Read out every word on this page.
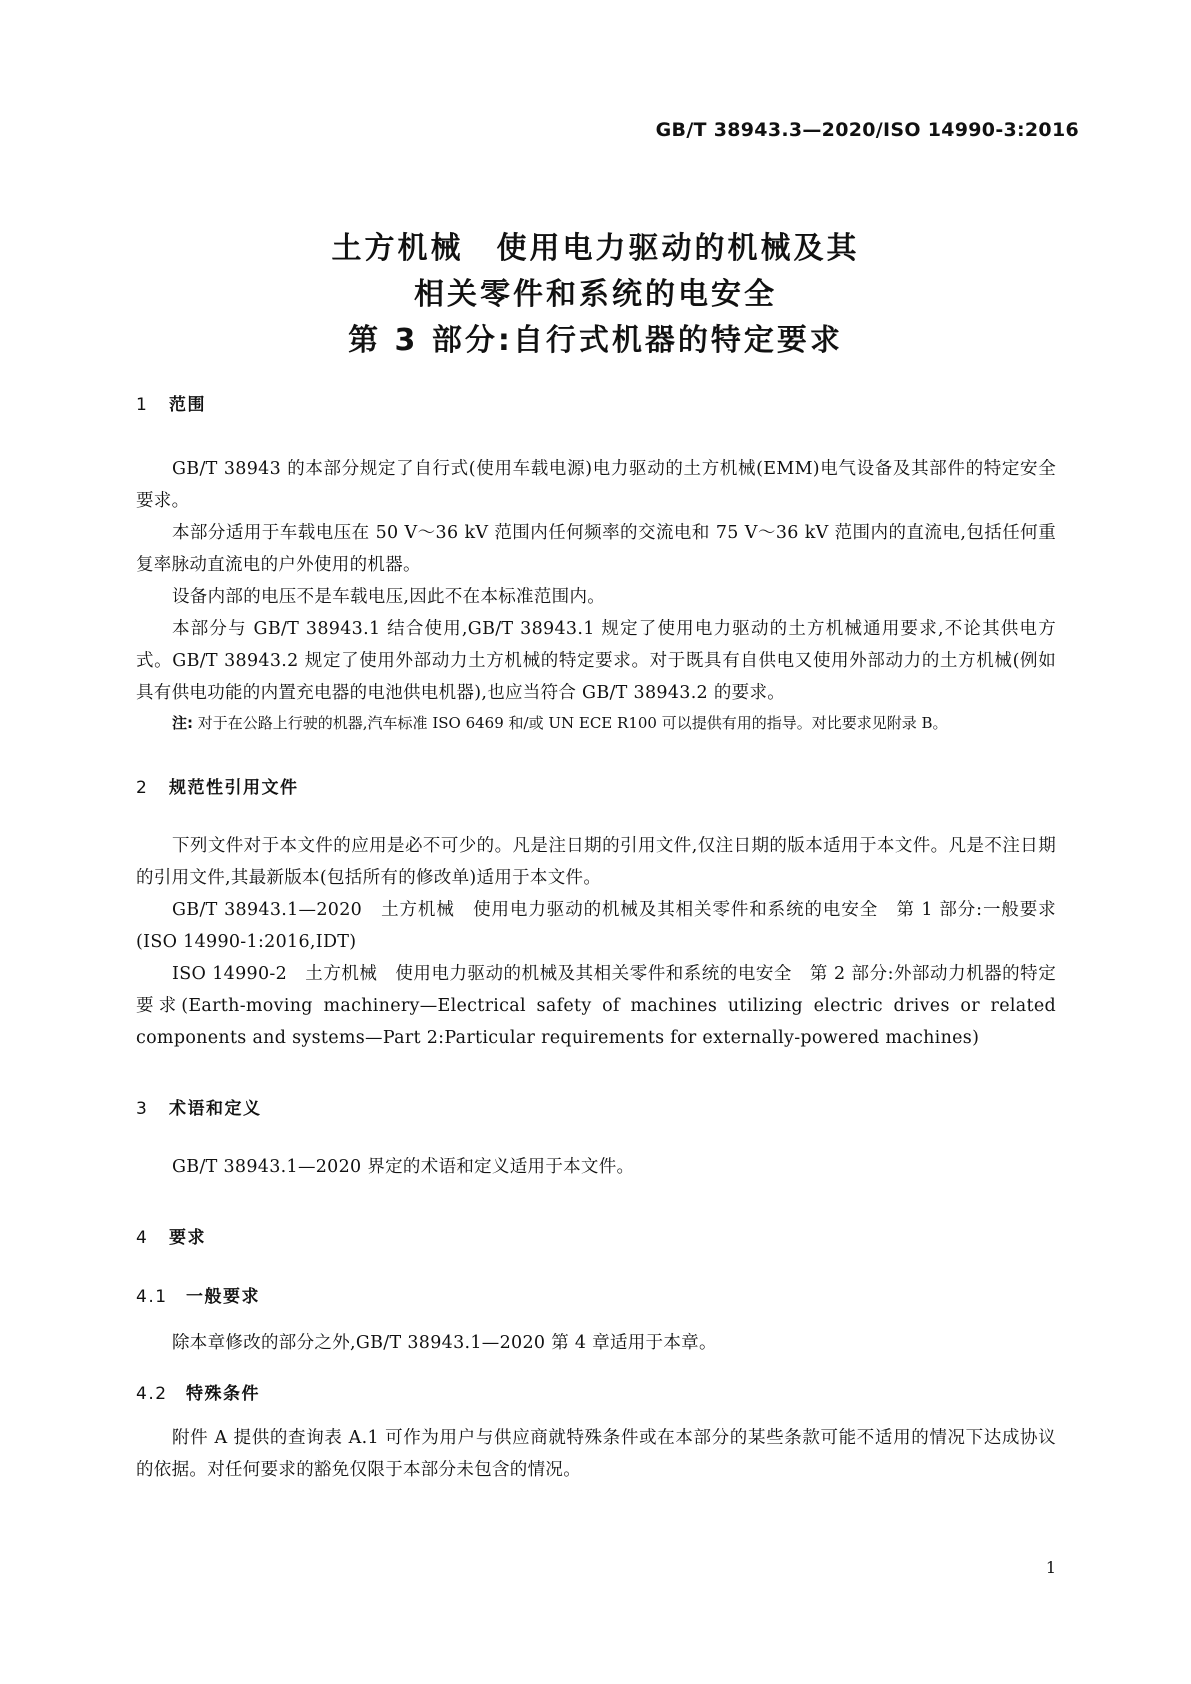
GB/T 38943.3—2020/ISO 14990-3:2016
土方机械　使用电力驱动的机械及其
相关零件和系统的电安全
第 3 部分:自行式机器的特定要求
1	范围

GB/T 38943 的本部分规定了自行式(使用车载电源)电力驱动的土方机械(EMM)电气设备及其部件的特定安全要求。

本部分适用于车载电压在 50 V～36 kV 范围内任何频率的交流电和 75 V～36 kV 范围内的直流电,包括任何重复率脉动直流电的户外使用的机器。

设备内部的电压不是车载电压,因此不在本标准范围内。

本部分与 GB/T 38943.1 结合使用,GB/T 38943.1 规定了使用电力驱动的土方机械通用要求,不论其供电方式。GB/T 38943.2 规定了使用外部动力土方机械的特定要求。对于既具有自供电又使用外部动力的土方机械(例如具有供电功能的内置充电器的电池供电机器),也应当符合 GB/T 38943.2 的要求。

注: 对于在公路上行驶的机器,汽车标准 ISO 6469 和/或 UN ECE R100 可以提供有用的指导。对比要求见附录 B。

2	规范性引用文件

下列文件对于本文件的应用是必不可少的。凡是注日期的引用文件,仅注日期的版本适用于本文件。凡是不注日期的引用文件,其最新版本(包括所有的修改单)适用于本文件。

GB/T 38943.1—2020　土方机械　使用电力驱动的机械及其相关零件和系统的电安全　第 1 部分:一般要求(ISO 14990-1:2016,IDT)

ISO 14990-2　土方机械　使用电力驱动的机械及其相关零件和系统的电安全　第 2 部分:外部动力机器的特定要求(Earth-moving machinery—Electrical safety of machines utilizing electric drives or related components and systems—Part 2:Particular requirements for externally-powered machines)

3	术语和定义

GB/T 38943.1—2020 界定的术语和定义适用于本文件。

4	要求
4.1	一般要求

除本章修改的部分之外,GB/T 38943.1—2020 第 4 章适用于本章。

4.2	特殊条件

附件 A 提供的查询表 A.1 可作为用户与供应商就特殊条件或在本部分的某些条款可能不适用的情况下达成协议的依据。对任何要求的豁免仅限于本部分未包含的情况。

1
